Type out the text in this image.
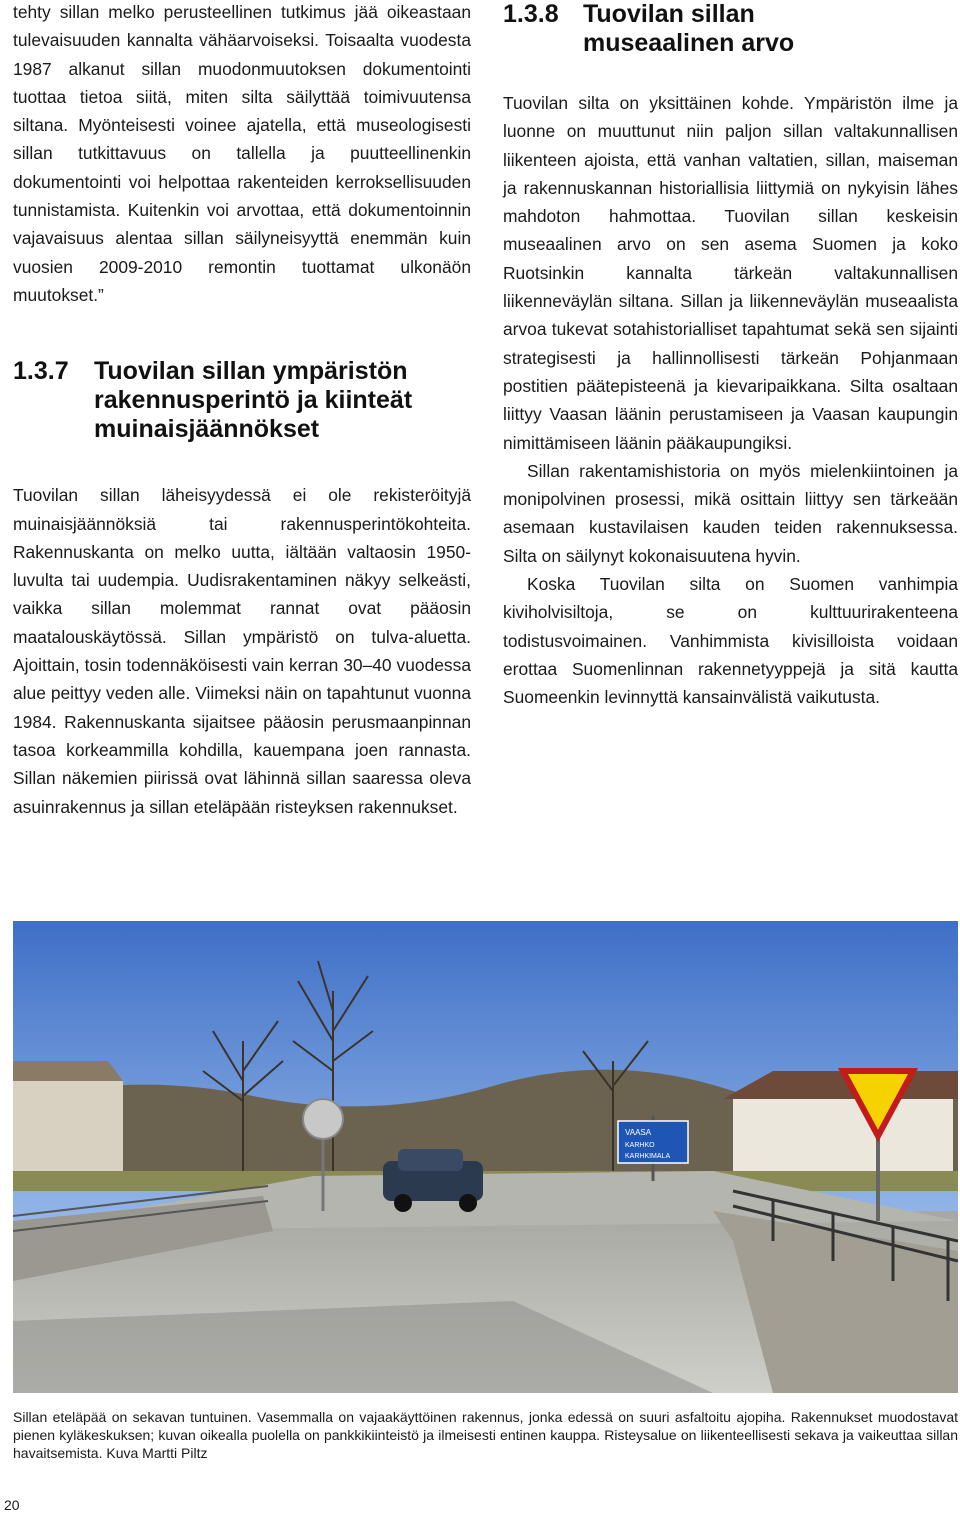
tehty sillan melko perusteellinen tutkimus jää oikeastaan tulevaisuuden kannalta vähäarvoiseksi. Toisaalta vuodesta 1987 alkanut sillan muodonmuutoksen dokumentointi tuottaa tietoa siitä, miten silta säilyttää toimivuutensa siltana. Myönteisesti voinee ajatella, että museologisesti sillan tutkittavuus on tallella ja puutteellinenkin dokumentointi voi helpottaa rakenteiden kerroksellisuuden tunnistamista. Kuitenkin voi arvottaa, että dokumentoinnin vajavaisuus alentaa sillan säilyneisyyttä enemmän kuin vuosien 2009-2010 remontin tuottamat ulkonäön muutokset.”

1.3.7	Tuovilan sillan ympäristön rakennusperintö ja kiinteät muinaisjäännökset

Tuovilan sillan läheisyydessä ei ole rekisteröityjä muinaisjäännöksiä tai rakennusperintökohteita. Rakennuskanta on melko uutta, iältään valtaosin 1950-luvulta tai uudempia. Uudisrakentaminen näkyy selkeästi, vaikka sillan molemmat rannat ovat pääosin maatalouskäytössä. Sillan ympäristö on tulva-aluetta. Ajoittain, tosin todennäköisesti vain kerran 30–40 vuodessa alue peittyy veden alle. Viimeksi näin on tapahtunut vuonna 1984. Rakennuskanta sijaitsee pääosin perusmaanpinnan tasoa korkeammilla kohdilla, kauempana joen rannasta. Sillan näkemien piirissä ovat lähinnä sillan saaressa oleva asuinrakennus ja sillan eteläpään risteyksen rakennukset.

1.3.8 Tuovilan sillan museaalinen arvo

Tuovilan silta on yksittäinen kohde. Ympäristön ilme ja luonne on muuttunut niin paljon sillan valtakunnallisen liikenteen ajoista, että vanhan valtatien, sillan, maiseman ja rakennuskannan historiallisia liittymiä on nykyisin lähes mahdoton hahmottaa. Tuovilan sillan keskeisin museaalinen arvo on sen asema Suomen ja koko Ruotsinkin kannalta tärkeän valtakunnallisen liikenneväylän siltana. Sillan ja liikenneväylän museaalista arvoa tukevat sotahistorialliset tapahtumat sekä sen sijainti strategisesti ja hallinnollisesti tärkeän Pohjanmaan postitien päätepisteenä ja kievaripaikkana. Silta osaltaan liittyy Vaasan läänin perustamiseen ja Vaasan kaupungin nimittämiseen läänin pääkaupungiksi.

Sillan rakentamishistoria on myös mielenkiintoinen ja monipolvinen prosessi, mikä osittain liittyy sen tärkeään asemaan kustavilaisen kauden teiden rakennuksessa. Silta on säilynyt kokonaisuutena hyvin.

Koska Tuovilan silta on Suomen vanhimpia kiviholvisiltoja, se on kulttuurirakenteena todistusvoimainen. Vanhimmista kivisilloista voidaan erottaa Suomenlinnan rakennetyyppejä ja sitä kautta Suomeenkin levinnyttä kansainvälistä vaikutusta.

VAASA
KARHKO
KARHKIMALA

Sillan eteläpää on sekavan tuntuinen. Vasemmalla on vajaakäyttöinen rakennus, jonka edessä on suuri asfaltoitu ajopiha. Rakennukset muodostavat pienen kyläkeskuksen; kuvan oikealla puolella on pankkikiinteistö ja ilmeisesti entinen kauppa. Risteysalue on liikenteellisesti sekava ja vaikeuttaa sillan havaitsemista. Kuva Martti Piltz

20
